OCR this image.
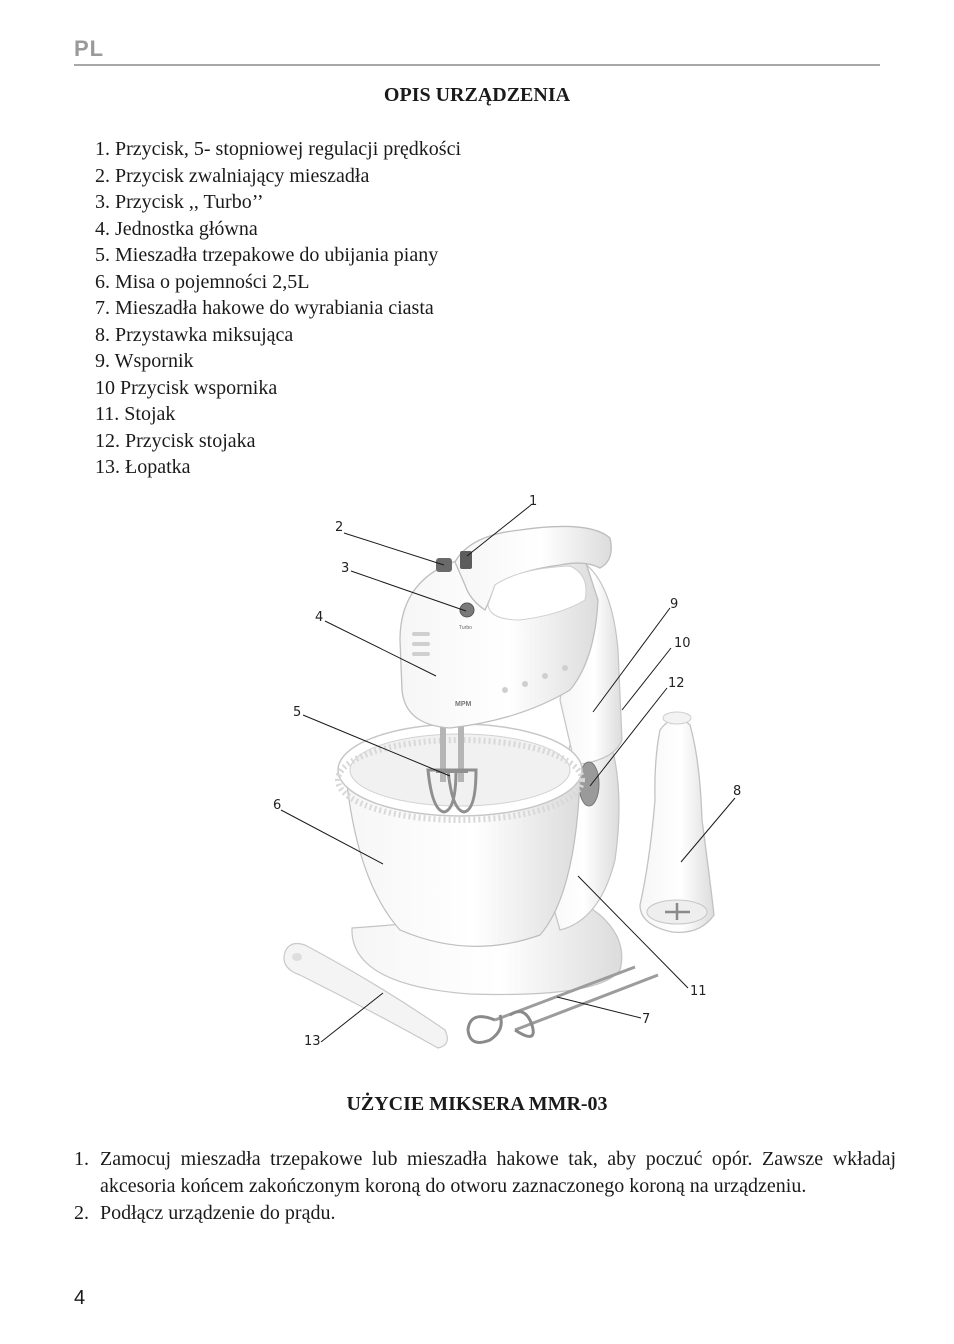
PL
OPIS URZĄDZENIA
1. Przycisk, 5- stopniowej regulacji prędkości
2. Przycisk zwalniający mieszadła
3. Przycisk ,, Turbo’’
4. Jednostka główna
5. Mieszadła trzepakowe do ubijania piany
6. Misa o pojemności 2,5L
7. Mieszadła hakowe do wyrabiania ciasta
8. Przystawka miksująca
9. Wspornik
10 Przycisk wspornika
11. Stojak
12. Przycisk stojaka
13. Łopatka
Turbo
MPM
1
2
3
4
5
6
7
8
9
10
12
11
13
UŻYCIE MIKSERA MMR-03
1. Zamocuj mieszadła trzepakowe lub mieszadła hakowe tak, aby poczuć opór. Zawsze wkładaj akcesoria końcem zakończonym koroną do otworu zaznaczonego koroną na urządzeniu.
2. Podłącz urządzenie do prądu.
4
